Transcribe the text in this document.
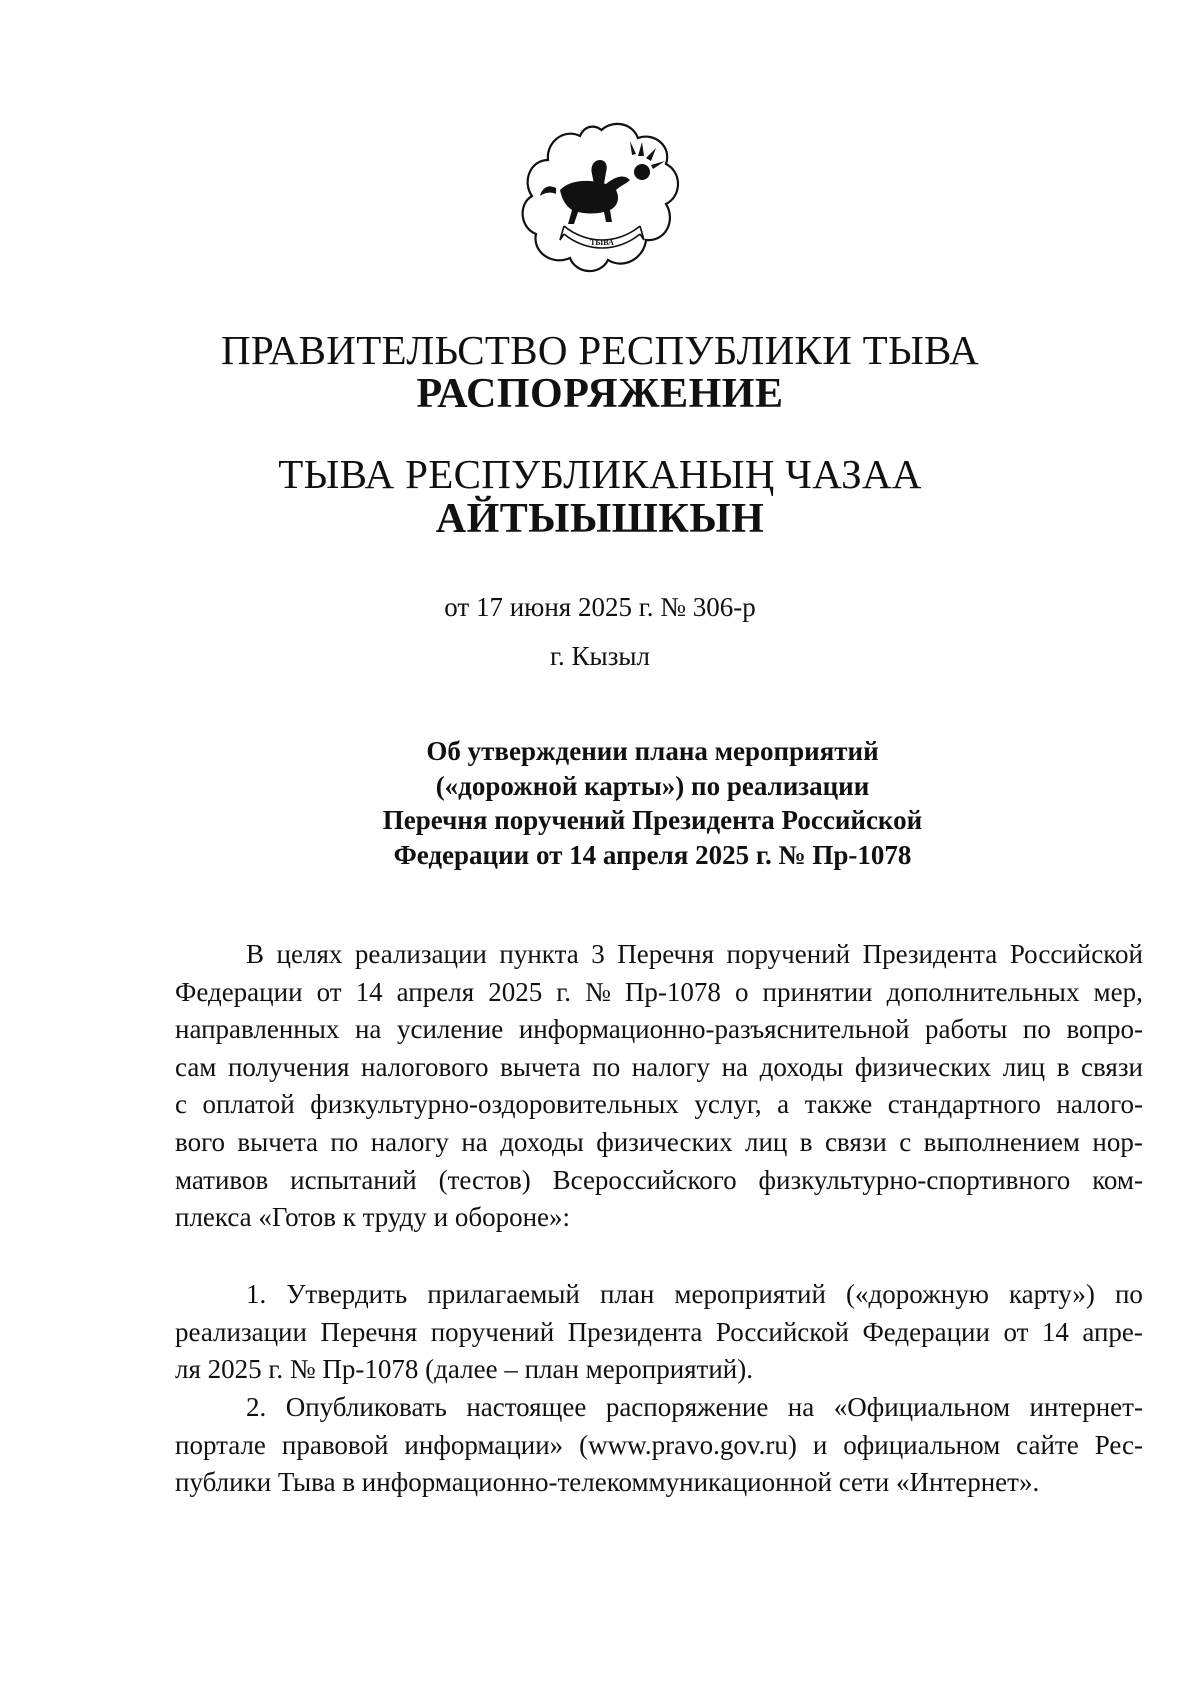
ТЫВА
ПРАВИТЕЛЬСТВО РЕСПУБЛИКИ ТЫВА
РАСПОРЯЖЕНИЕ
ТЫВА РЕСПУБЛИКАНЫҢ ЧАЗАА
АЙТЫЫШКЫН
от 17 июня 2025 г. № 306-р
г. Кызыл
Об утверждении плана мероприятий
(«дорожной карты») по реализации
Перечня поручений Президента Российской
Федерации от 14 апреля 2025 г. № Пр-1078
В целях реализации пункта 3 Перечня поручений Президента Российской
Федерации от 14 апреля 2025 г. № Пр-1078 о принятии дополнительных мер,
направленных на усиление информационно-разъяснительной работы по вопро-
сам получения налогового вычета по налогу на доходы физических лиц в связи
с оплатой физкультурно-оздоровительных услуг, а также стандартного налого-
вого вычета по налогу на доходы физических лиц в связи с выполнением нор-
мативов испытаний (тестов) Всероссийского физкультурно-спортивного ком-
плекса «Готов к труду и обороне»:
1. Утвердить прилагаемый план мероприятий («дорожную карту») по
реализации Перечня поручений Президента Российской Федерации от 14 апре-
ля 2025 г. № Пр-1078 (далее – план мероприятий).
2. Опубликовать настоящее распоряжение на «Официальном интернет-
портале правовой информации» (www.pravo.gov.ru) и официальном сайте Рес-
публики Тыва в информационно-телекоммуникационной сети «Интернет».
